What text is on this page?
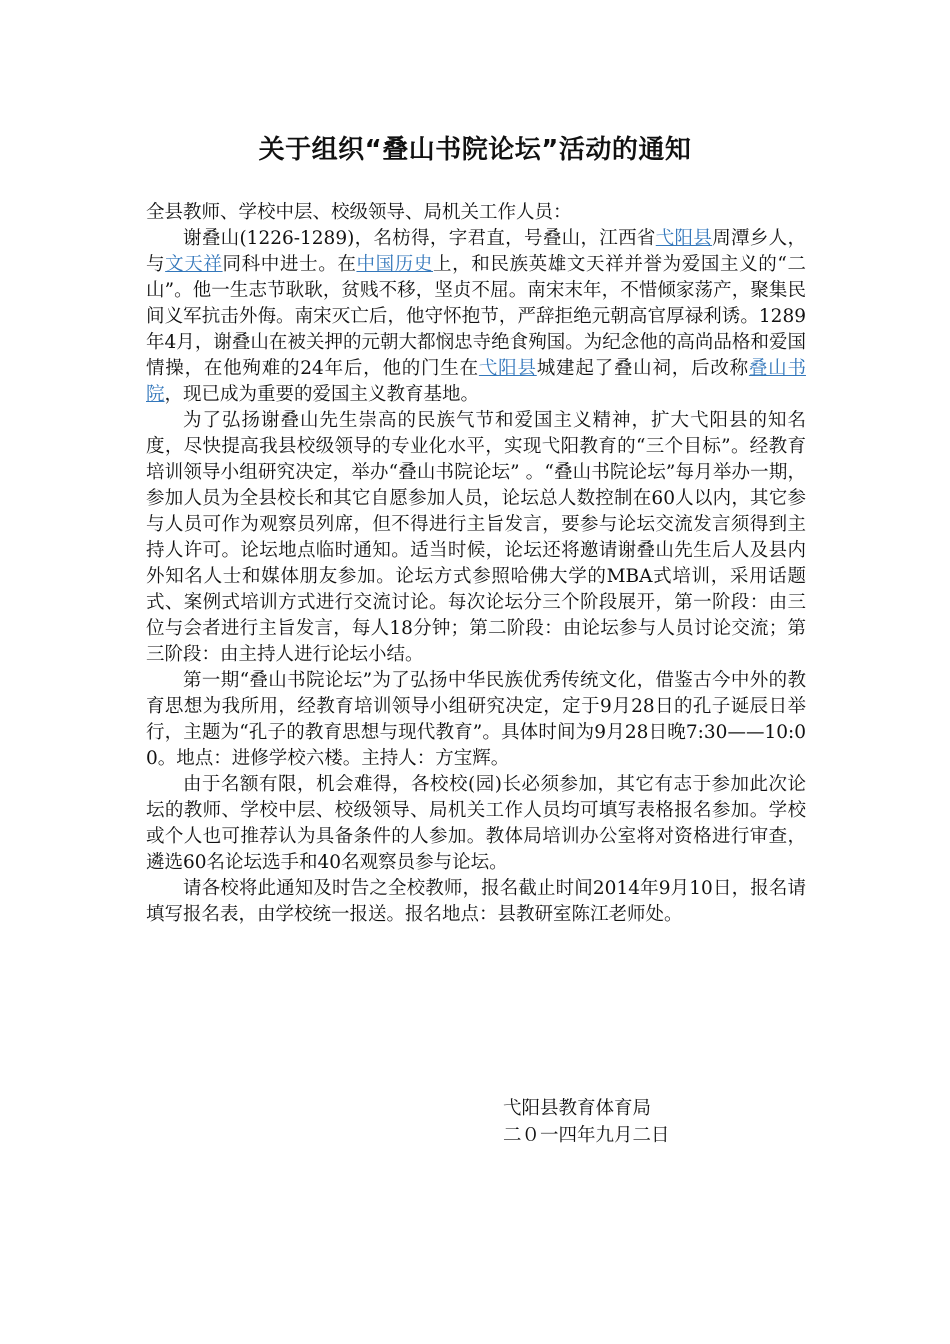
关于组织“叠山书院论坛”活动的通知

全县教师、学校中层、校级领导、局机关工作人员：

谢叠山(1226-1289)，名枋得，字君直，号叠山，江西省弋阳县周潭乡人，与文天祥同科中进士。在中国历史上，和民族英雄文天祥并誉为爱国主义的“二山”。他一生志节耿耿，贫贱不移，坚贞不屈。南宋末年，不惜倾家荡产，聚集民间义军抗击外侮。南宋灭亡后，他守怀抱节，严辞拒绝元朝高官厚禄利诱。1289年4月，谢叠山在被关押的元朝大都悯忠寺绝食殉国。为纪念他的高尚品格和爱国情操，在他殉难的24年后，他的门生在弋阳县城建起了叠山祠，后改称叠山书院，现已成为重要的爱国主义教育基地。

为了弘扬谢叠山先生崇高的民族气节和爱国主义精神，扩大弋阳县的知名度，尽快提高我县校级领导的专业化水平，实现弋阳教育的“三个目标”。经教育培训领导小组研究决定，举办“叠山书院论坛” 。“叠山书院论坛”每月举办一期，参加人员为全县校长和其它自愿参加人员，论坛总人数控制在60人以内，其它参与人员可作为观察员列席，但不得进行主旨发言，要参与论坛交流发言须得到主持人许可。论坛地点临时通知。适当时候，论坛还将邀请谢叠山先生后人及县内外知名人士和媒体朋友参加。论坛方式参照哈佛大学的MBA式培训，采用话题式、案例式培训方式进行交流讨论。每次论坛分三个阶段展开，第一阶段：由三位与会者进行主旨发言，每人18分钟；第二阶段：由论坛参与人员讨论交流；第三阶段：由主持人进行论坛小结。

第一期“叠山书院论坛”为了弘扬中华民族优秀传统文化，借鉴古今中外的教育思想为我所用，经教育培训领导小组研究决定，定于9月28日的孔子诞辰日举行，主题为“孔子的教育思想与现代教育”。具体时间为9月28日晚7:30——10:00。地点：进修学校六楼。主持人：方宝辉。

由于名额有限，机会难得，各校校(园)长必须参加，其它有志于参加此次论坛的教师、学校中层、校级领导、局机关工作人员均可填写表格报名参加。学校或个人也可推荐认为具备条件的人参加。教体局培训办公室将对资格进行审查，遴选60名论坛选手和40名观察员参与论坛。

请各校将此通知及时告之全校教师，报名截止时间2014年9月10日，报名请填写报名表，由学校统一报送。报名地点：县教研室陈江老师处。

弋阳县教育体育局
二０一四年九月二日
